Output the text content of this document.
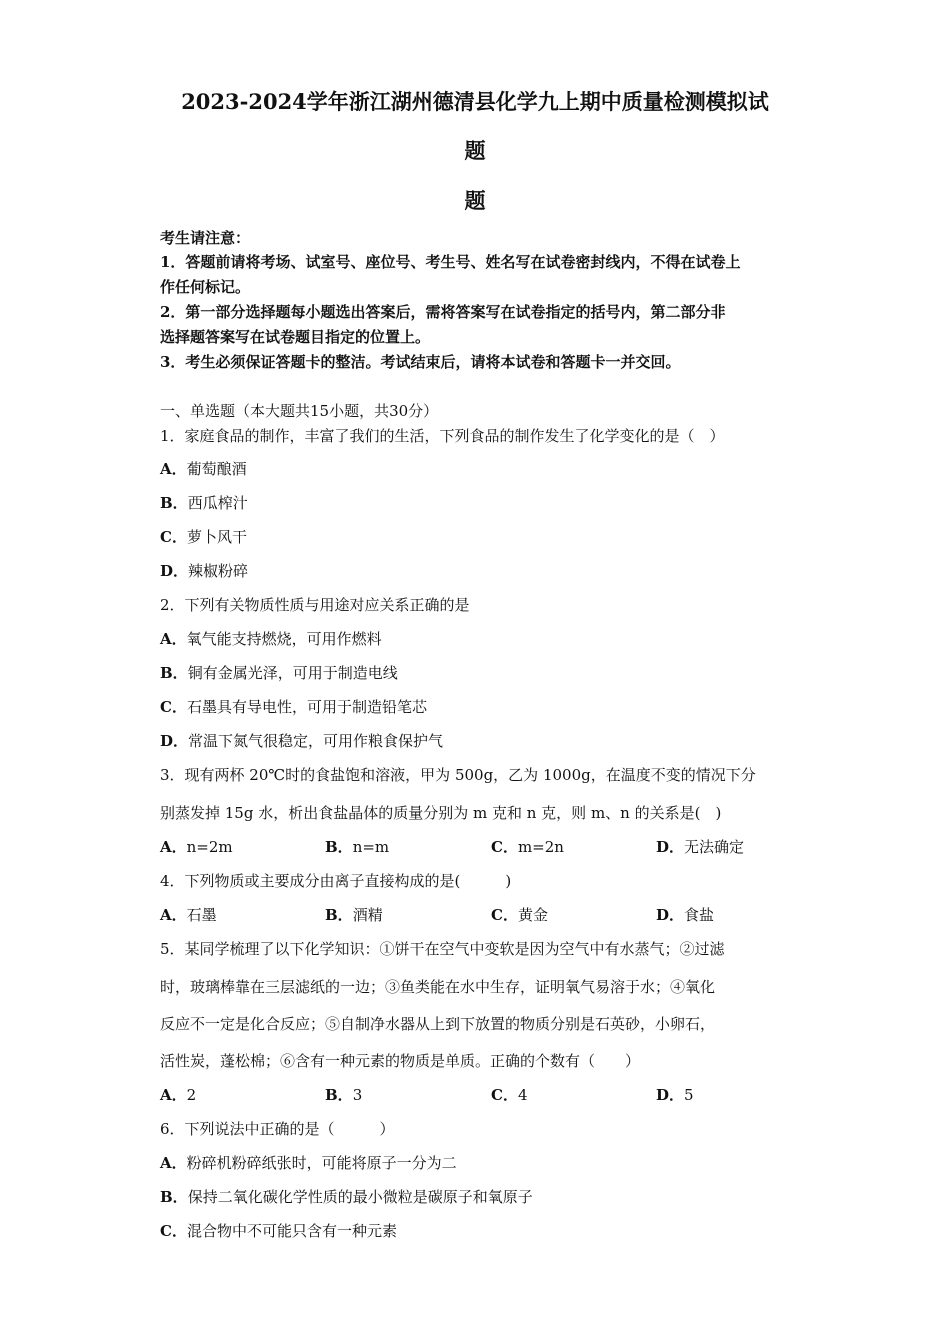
2023-2024学年浙江湖州德清县化学九上期中质量检测模拟试
题
题
考生请注意：
1．答题前请将考场、试室号、座位号、考生号、姓名写在试卷密封线内，不得在试卷上
作任何标记。
2．第一部分选择题每小题选出答案后，需将答案写在试卷指定的括号内，第二部分非
选择题答案写在试卷题目指定的位置上。
3．考生必须保证答题卡的整洁。考试结束后，请将本试卷和答题卡一并交回。
一、单选题（本大题共15小题，共30分）
1．家庭食品的制作，丰富了我们的生活，下列食品的制作发生了化学变化的是（　）
A．葡萄酿酒
B．西瓜榨汁
C．萝卜风干
D．辣椒粉碎
2．下列有关物质性质与用途对应关系正确的是
A．氧气能支持燃烧，可用作燃料
B．铜有金属光泽，可用于制造电线
C．石墨具有导电性，可用于制造铅笔芯
D．常温下氮气很稳定，可用作粮食保护气
3．现有两杯 20℃时的食盐饱和溶液，甲为 500g，乙为 1000g，在温度不变的情况下分
别蒸发掉 15g 水，析出食盐晶体的质量分别为 m 克和 n 克，则 m、n 的关系是(　)
A．n=2m	B．n=m	C．m=2n	D．无法确定
4．下列物质或主要成分由离子直接构成的是(　　　)
A．石墨	B．酒精	C．黄金	D．食盐
5．某同学梳理了以下化学知识：①饼干在空气中变软是因为空气中有水蒸气；②过滤
时，玻璃棒靠在三层滤纸的一边；③鱼类能在水中生存，证明氧气易溶于水；④氧化
反应不一定是化合反应；⑤自制净水器从上到下放置的物质分别是石英砂，小卵石，
活性炭，蓬松棉；⑥含有一种元素的物质是单质。正确的个数有（　　）
A．2	B．3	C．4	D．5
6．下列说法中正确的是（　　　）
A．粉碎机粉碎纸张时，可能将原子一分为二
B．保持二氧化碳化学性质的最小微粒是碳原子和氧原子
C．混合物中不可能只含有一种元素
